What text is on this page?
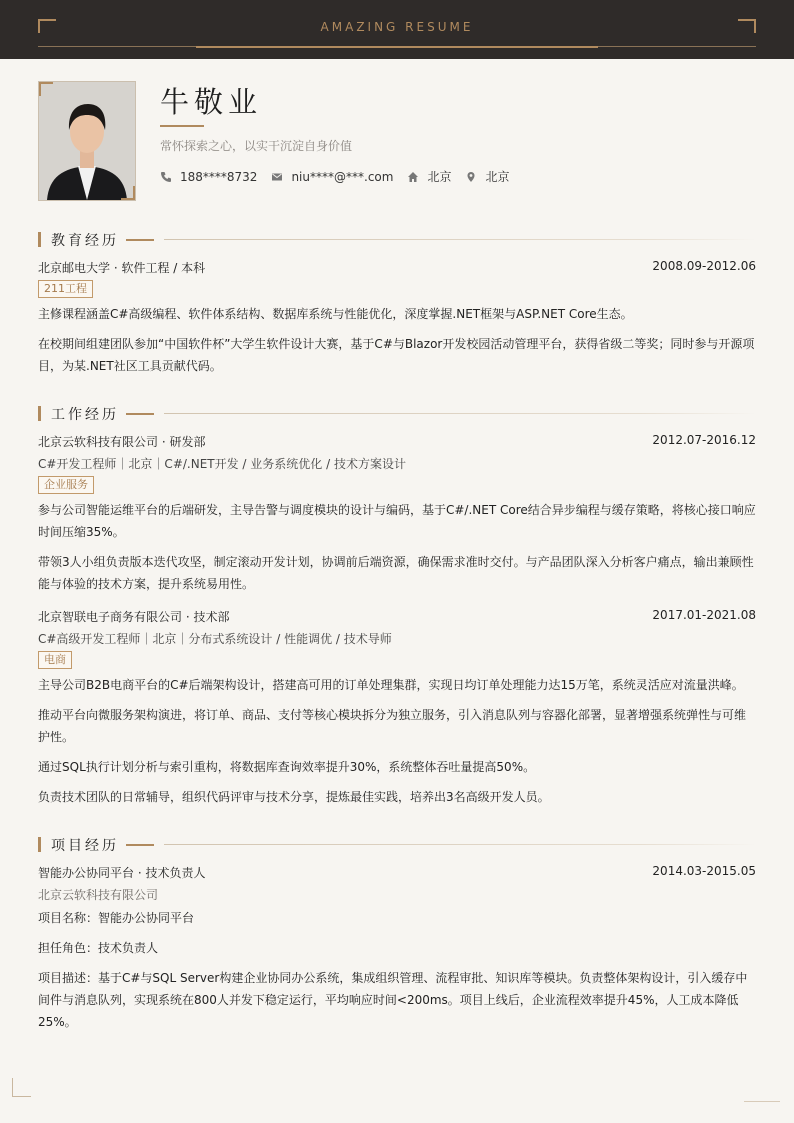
AMAZING RESUME
牛敬业
常怀探索之心，以实干沉淀自身价值
188****8732	niu****@***.com	北京	北京
教育经历
北京邮电大学 · 软件工程 / 本科	2008.09-2012.06
211工程
主修课程涵盖C#高级编程、软件体系结构、数据库系统与性能优化，深度掌握.NET框架与ASP.NET Core生态。
在校期间组建团队参加“中国软件杯”大学生软件设计大赛，基于C#与Blazor开发校园活动管理平台，获得省级二等奖；同时参与开源项目，为某.NET社区工具贡献代码。
工作经历
北京云软科技有限公司 · 研发部	2012.07-2016.12
C#开发工程师｜北京｜C#/.NET开发 / 业务系统优化 / 技术方案设计
企业服务
参与公司智能运维平台的后端研发，主导告警与调度模块的设计与编码，基于C#/.NET Core结合异步编程与缓存策略，将核心接口响应时间压缩35%。
带领3人小组负责版本迭代攻坚，制定滚动开发计划，协调前后端资源，确保需求准时交付。与产品团队深入分析客户痛点，输出兼顾性能与体验的技术方案，提升系统易用性。
北京智联电子商务有限公司 · 技术部	2017.01-2021.08
C#高级开发工程师｜北京｜分布式系统设计 / 性能调优 / 技术导师
电商
主导公司B2B电商平台的C#后端架构设计，搭建高可用的订单处理集群，实现日均订单处理能力达15万笔，系统灵活应对流量洪峰。
推动平台向微服务架构演进，将订单、商品、支付等核心模块拆分为独立服务，引入消息队列与容器化部署，显著增强系统弹性与可维护性。
通过SQL执行计划分析与索引重构，将数据库查询效率提升30%，系统整体吞吐量提高50%。
负责技术团队的日常辅导，组织代码评审与技术分享，提炼最佳实践，培养出3名高级开发人员。
项目经历
智能办公协同平台 · 技术负责人	2014.03-2015.05
北京云软科技有限公司
项目名称：智能办公协同平台
担任角色：技术负责人
项目描述：基于C#与SQL Server构建企业协同办公系统，集成组织管理、流程审批、知识库等模块。负责整体架构设计，引入缓存中间件与消息队列，实现系统在800人并发下稳定运行，平均响应时间<200ms。项目上线后，企业流程效率提升45%，人工成本降低25%。
